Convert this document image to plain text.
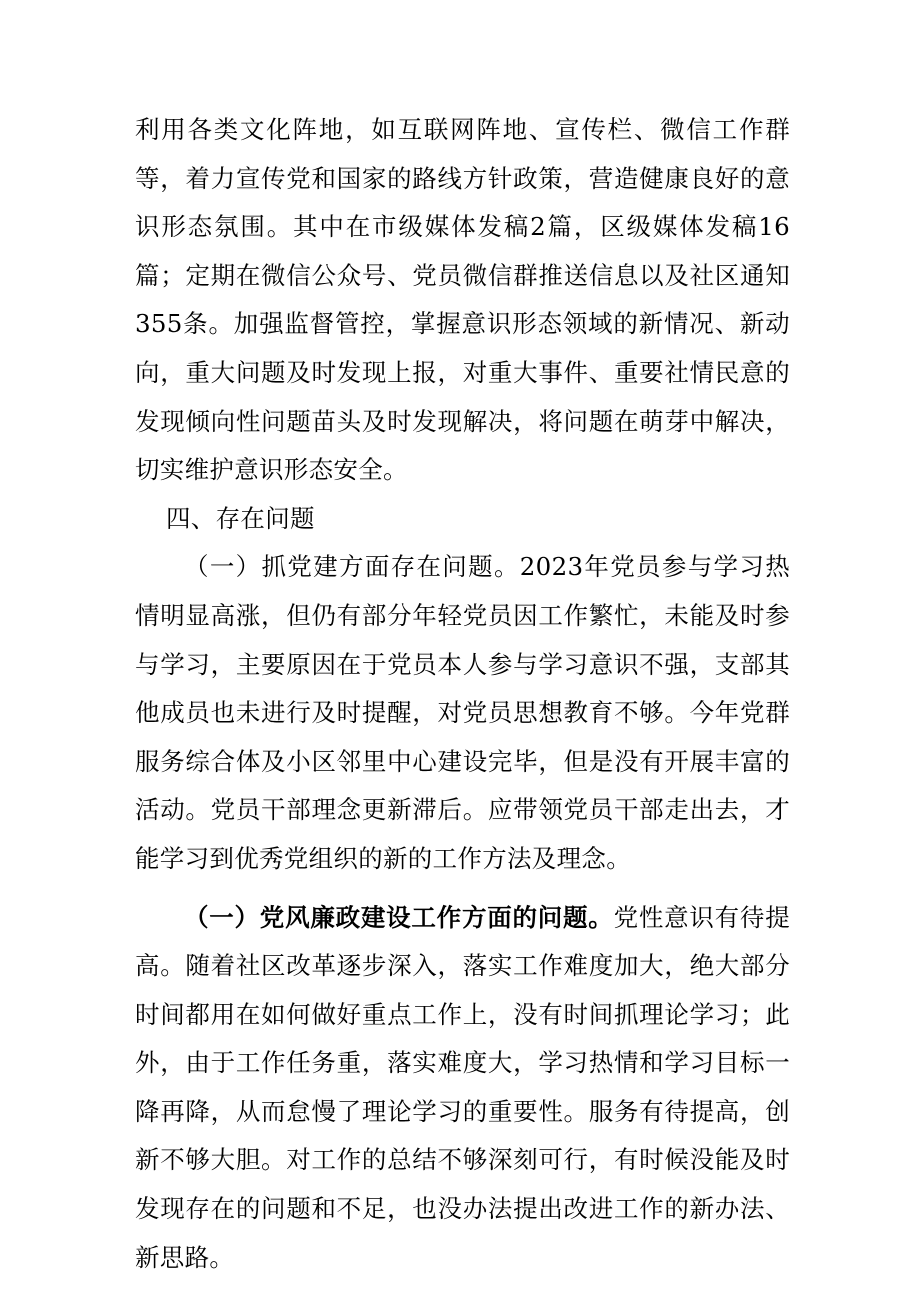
利用各类文化阵地，如互联网阵地、宣传栏、微信工作群等，着力宣传党和国家的路线方针政策，营造健康良好的意识形态氛围。其中在市级媒体发稿2篇，区级媒体发稿16篇；定期在微信公众号、党员微信群推送信息以及社区通知355条。加强监督管控，掌握意识形态领域的新情况、新动向，重大问题及时发现上报，对重大事件、重要社情民意的发现倾向性问题苗头及时发现解决，将问题在萌芽中解决，切实维护意识形态安全。

四、存在问题

（一）抓党建方面存在问题。2023年党员参与学习热情明显高涨，但仍有部分年轻党员因工作繁忙，未能及时参与学习，主要原因在于党员本人参与学习意识不强，支部其他成员也未进行及时提醒，对党员思想教育不够。今年党群服务综合体及小区邻里中心建设完毕，但是没有开展丰富的活动。党员干部理念更新滞后。应带领党员干部走出去，才能学习到优秀党组织的新的工作方法及理念。

（一）党风廉政建设工作方面的问题。党性意识有待提高。随着社区改革逐步深入，落实工作难度加大，绝大部分时间都用在如何做好重点工作上，没有时间抓理论学习；此外，由于工作任务重，落实难度大，学习热情和学习目标一降再降，从而怠慢了理论学习的重要性。服务有待提高，创新不够大胆。对工作的总结不够深刻可行，有时候没能及时发现存在的问题和不足，也没办法提出改进工作的新办法、新思路。
